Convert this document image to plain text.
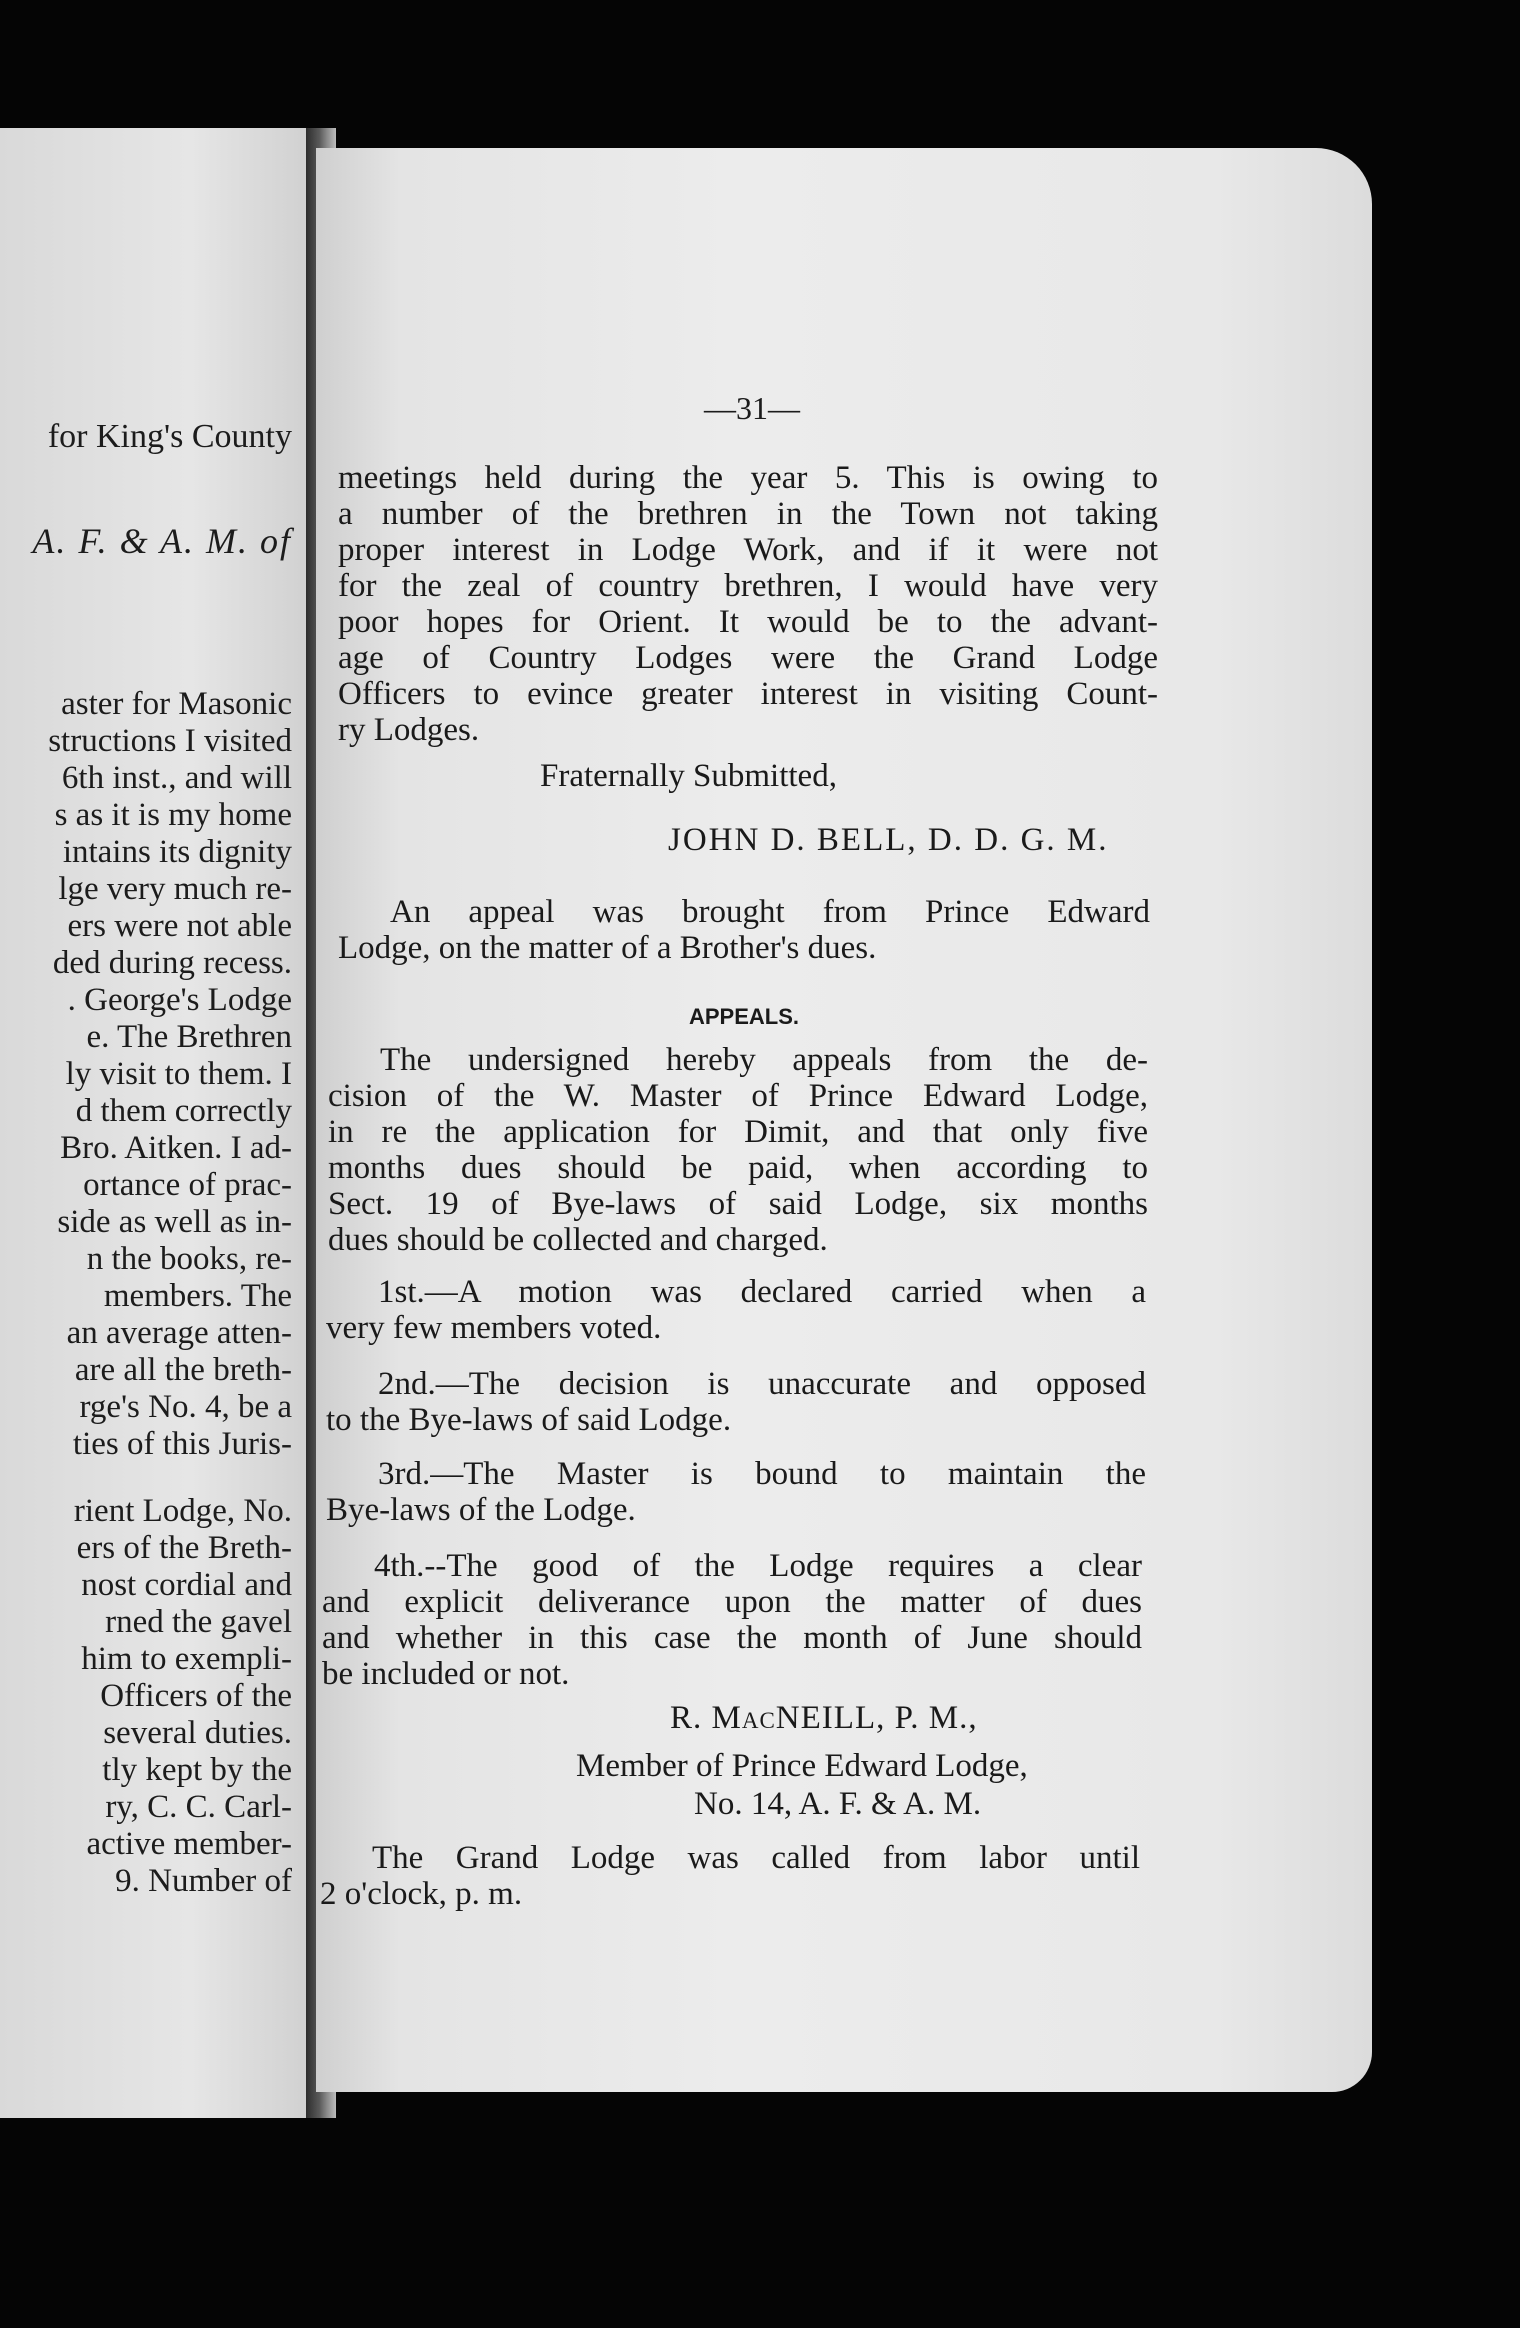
for King's County
A. F. & A. M. of
aster for Masonic
structions I visited
6th inst., and will
s as it is my home
intains its dignity
lge very much re-
ers were not able
ded during recess.
. George's Lodge
e. The Brethren
ly visit to them. I
d them correctly
Bro. Aitken. I ad-
ortance of prac-
side as well as in-
n the books, re-
members. The
an average atten-
are all the breth-
rge's No. 4, be a
ties of this Juris-
rient Lodge, No.
ers of the Breth-
nost cordial and
rned the gavel
him to exempli-
Officers of the
several duties.
tly kept by the
ry, C. C. Carl-
active member-
9. Number of
—31—
meetings held during the year 5. This is owing to
a number of the brethren in the Town not taking
proper interest in Lodge Work, and if it were not
for the zeal of country brethren, I would have very
poor hopes for Orient. It would be to the advant-
age of Country Lodges were the Grand Lodge
Officers to evince greater interest in visiting Count-
ry Lodges.
Fraternally Submitted,
JOHN D. BELL, D. D. G. M.
An appeal was brought from Prince Edward
Lodge, on the matter of a Brother's dues.
APPEALS.
The undersigned hereby appeals from the de-
cision of the W. Master of Prince Edward Lodge,
in re the application for Dimit, and that only five
months dues should be paid, when according to
Sect. 19 of Bye-laws of said Lodge, six months
dues should be collected and charged.
1st.—A motion was declared carried when a
very few members voted.
2nd.—The decision is unaccurate and opposed
to the Bye-laws of said Lodge.
3rd.—The Master is bound to maintain the
Bye-laws of the Lodge.
4th.--The good of the Lodge requires a clear
and explicit deliverance upon the matter of dues
and whether in this case the month of June should
be included or not.
R. MacNEILL, P. M.,
Member of Prince Edward Lodge,
No. 14, A. F. & A. M.
The Grand Lodge was called from labor until
2 o'clock, p. m.
